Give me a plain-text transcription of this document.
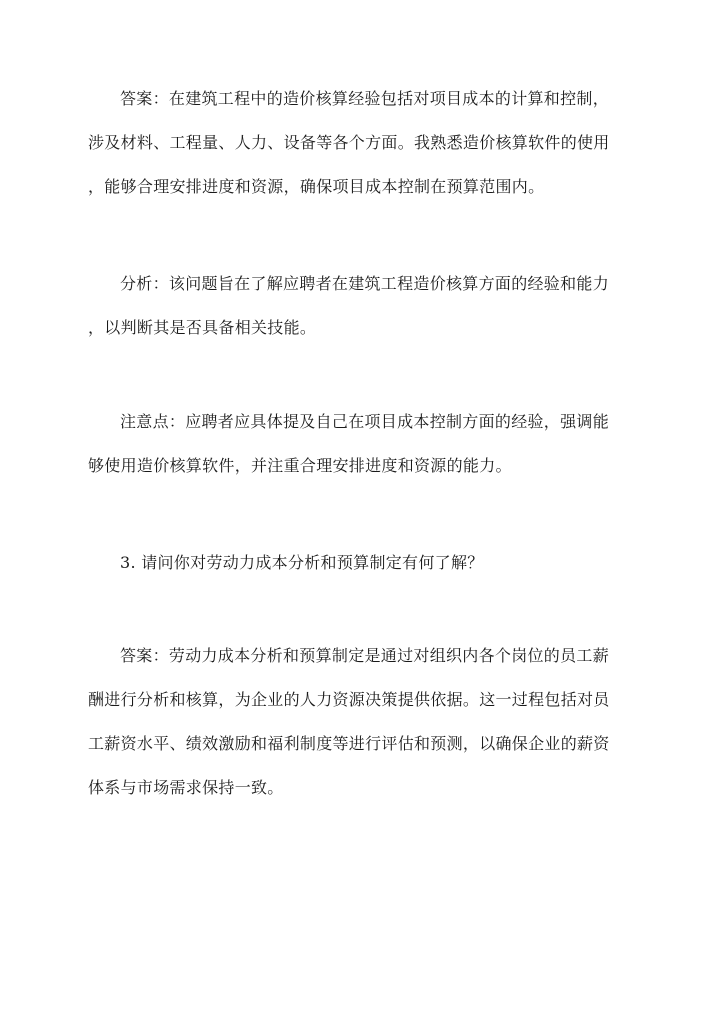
答案：在建筑工程中的造价核算经验包括对项目成本的计算和控制，
涉及材料、工程量、人力、设备等各个方面。我熟悉造价核算软件的使用
，能够合理安排进度和资源，确保项目成本控制在预算范围内。
分析：该问题旨在了解应聘者在建筑工程造价核算方面的经验和能力
，以判断其是否具备相关技能。
注意点：应聘者应具体提及自己在项目成本控制方面的经验，强调能
够使用造价核算软件，并注重合理安排进度和资源的能力。
3. 请问你对劳动力成本分析和预算制定有何了解？
答案：劳动力成本分析和预算制定是通过对组织内各个岗位的员工薪
酬进行分析和核算，为企业的人力资源决策提供依据。这一过程包括对员
工薪资水平、绩效激励和福利制度等进行评估和预测，以确保企业的薪资
体系与市场需求保持一致。
